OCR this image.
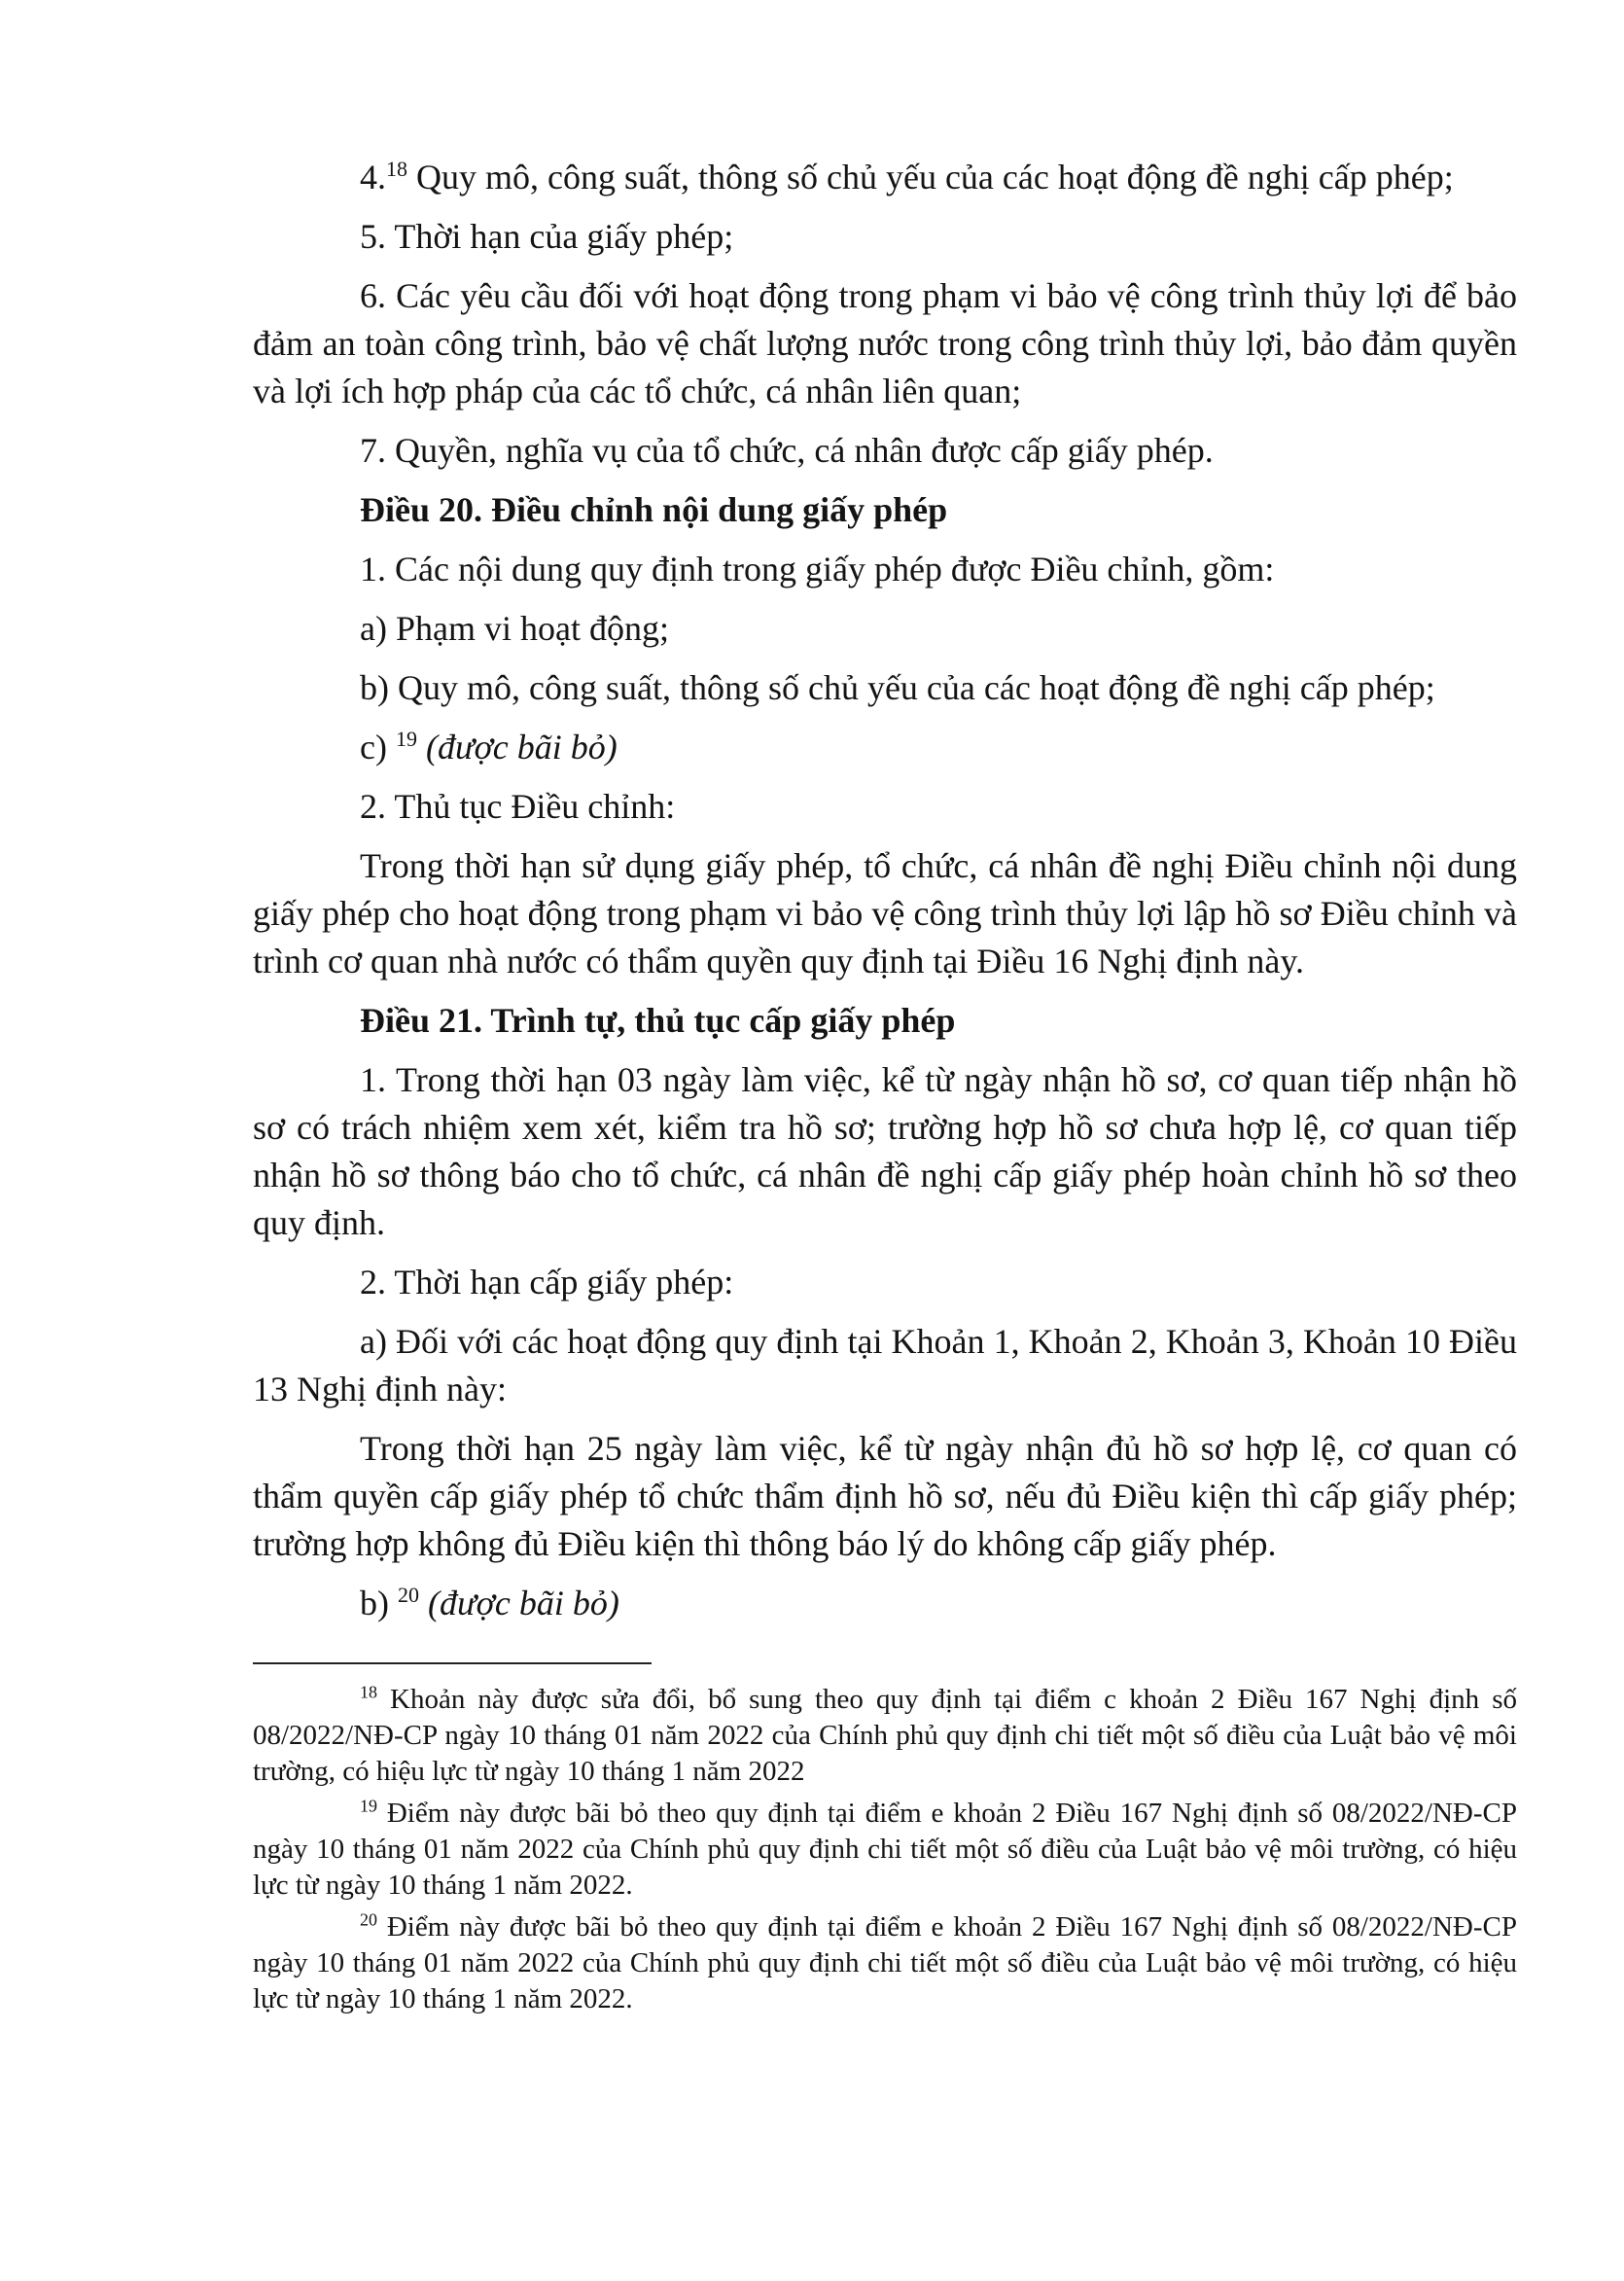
4.18 Quy mô, công suất, thông số chủ yếu của các hoạt động đề nghị cấp phép;

5. Thời hạn của giấy phép;

6. Các yêu cầu đối với hoạt động trong phạm vi bảo vệ công trình thủy lợi để bảo đảm an toàn công trình, bảo vệ chất lượng nước trong công trình thủy lợi, bảo đảm quyền và lợi ích hợp pháp của các tổ chức, cá nhân liên quan;

7. Quyền, nghĩa vụ của tổ chức, cá nhân được cấp giấy phép.

Điều 20. Điều chỉnh nội dung giấy phép

1. Các nội dung quy định trong giấy phép được Điều chỉnh, gồm:

a) Phạm vi hoạt động;

b) Quy mô, công suất, thông số chủ yếu của các hoạt động đề nghị cấp phép;

c) $^{19}$ (được bãi bỏ)

2. Thủ tục Điều chỉnh:

Trong thời hạn sử dụng giấy phép, tổ chức, cá nhân đề nghị Điều chỉnh nội dung giấy phép cho hoạt động trong phạm vi bảo vệ công trình thủy lợi lập hồ sơ Điều chỉnh và trình cơ quan nhà nước có thẩm quyền quy định tại Điều 16 Nghị định này.

Điều 21. Trình tự, thủ tục cấp giấy phép

1. Trong thời hạn 03 ngày làm việc, kể từ ngày nhận hồ sơ, cơ quan tiếp nhận hồ sơ có trách nhiệm xem xét, kiểm tra hồ sơ; trường hợp hồ sơ chưa hợp lệ, cơ quan tiếp nhận hồ sơ thông báo cho tổ chức, cá nhân đề nghị cấp giấy phép hoàn chỉnh hồ sơ theo quy định.

2. Thời hạn cấp giấy phép:

a) Đối với các hoạt động quy định tại Khoản 1, Khoản 2, Khoản 3, Khoản 10 Điều 13 Nghị định này:

Trong thời hạn 25 ngày làm việc, kể từ ngày nhận đủ hồ sơ hợp lệ, cơ quan có thẩm quyền cấp giấy phép tổ chức thẩm định hồ sơ, nếu đủ Điều kiện thì cấp giấy phép; trường hợp không đủ Điều kiện thì thông báo lý do không cấp giấy phép.

b) $^{20}$ (được bãi bỏ)

$^{18}$ Khoản này được sửa đổi, bổ sung theo quy định tại điểm c khoản 2 Điều 167 Nghị định số 08/2022/NĐ-CP ngày 10 tháng 01 năm 2022 của Chính phủ quy định chi tiết một số điều của Luật bảo vệ môi trường, có hiệu lực từ ngày 10 tháng 1 năm 2022

$^{19}$ Điểm này được bãi bỏ theo quy định tại điểm e khoản 2 Điều 167 Nghị định số 08/2022/NĐ-CP ngày 10 tháng 01 năm 2022 của Chính phủ quy định chi tiết một số điều của Luật bảo vệ môi trường, có hiệu lực từ ngày 10 tháng 1 năm 2022.

$^{20}$ Điểm này được bãi bỏ theo quy định tại điểm e khoản 2 Điều 167 Nghị định số 08/2022/NĐ-CP ngày 10 tháng 01 năm 2022 của Chính phủ quy định chi tiết một số điều của Luật bảo vệ môi trường, có hiệu lực từ ngày 10 tháng 1 năm 2022.
